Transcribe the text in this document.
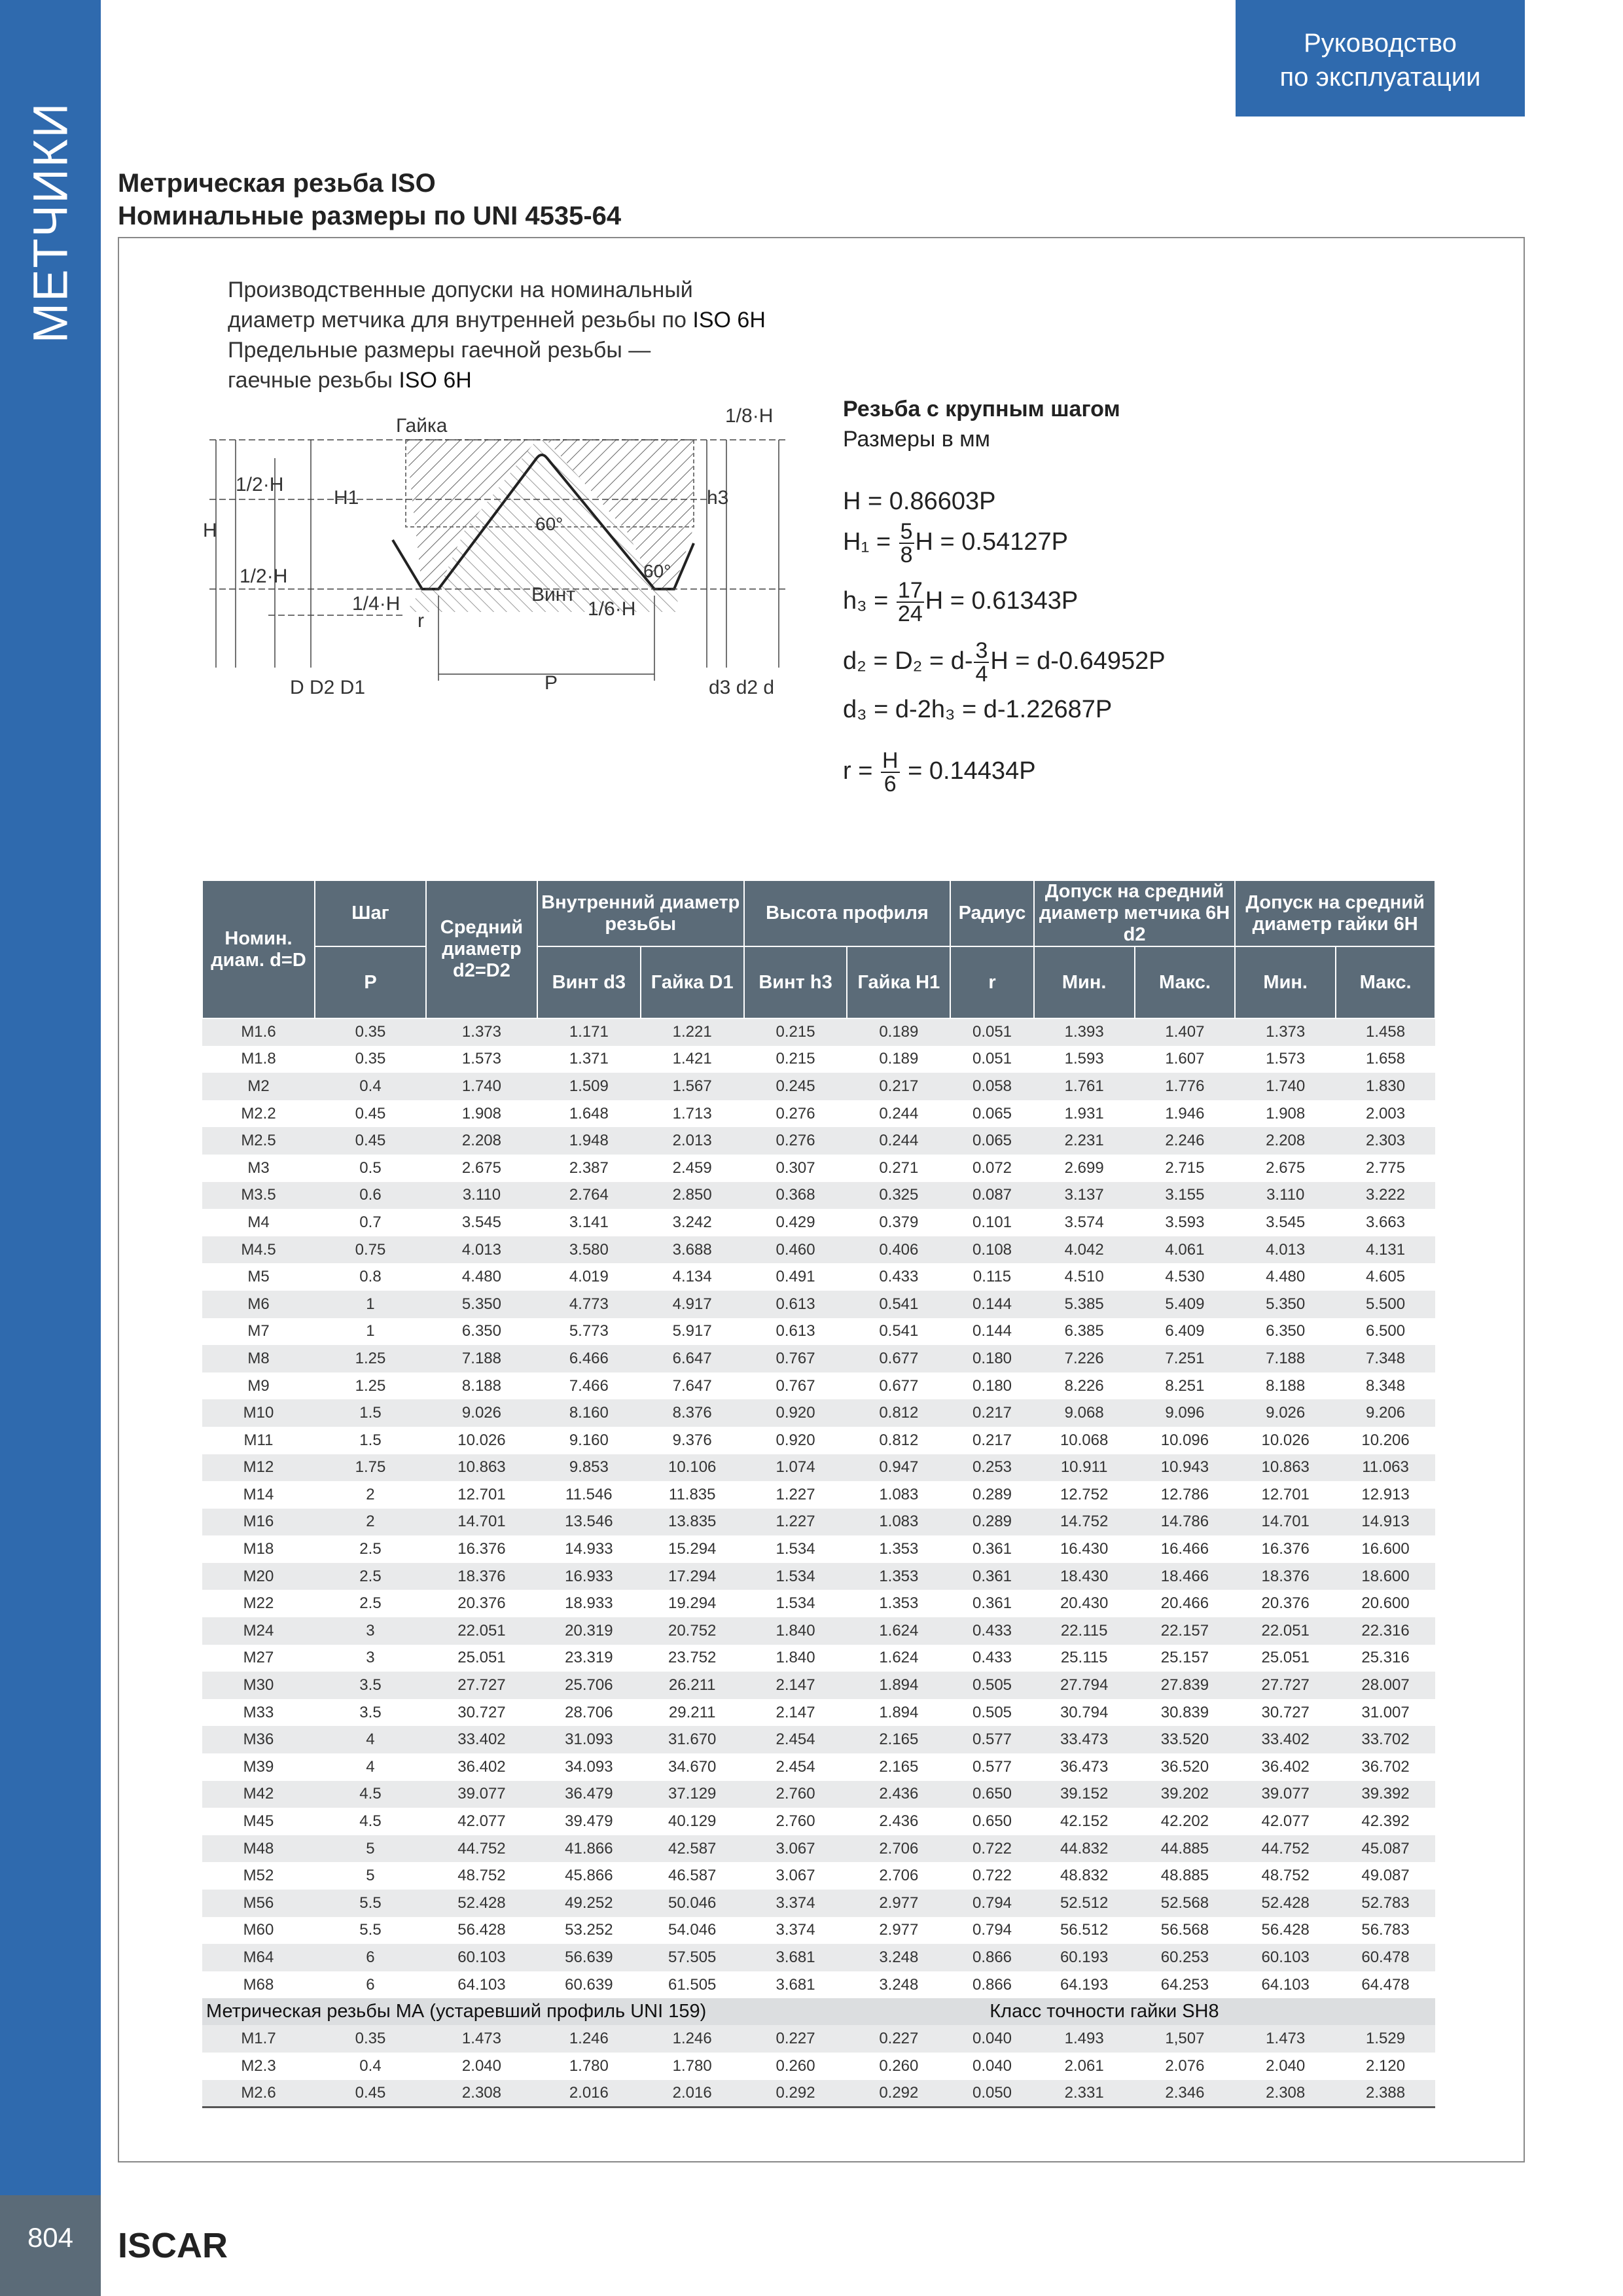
МЕТЧИКИ
804	ISCAR
Руководство
по эксплуатации
Метрическая резьба ISO
Номинальные размеры по UNI 4535-64
Производственные допуски на номинальный
диаметр метчика для внутренней резьбы по ISO 6H
Предельные размеры гаечной резьбы —
гаечные резьбы ISO 6H
Гайка	1/8·H
1/2·H
H
H1	h3
60°
60°
1/2·H
Винт
1/4·H	1/6·H
r
D D2 D1	P	d3 d2 d
Резьба с крупным шагом
Размеры в мм
H = 0.86603P
$H_1 = \frac{5}{8}$ H = 0.54127P
$h_3 = \frac{17}{24}$ H = 0.61343P
$d_2 = D_2 = d- \frac{3}{4}$ H = d-0.64952P
d₃ = d-2h₃ = d-1.22687P
$r = \frac{H}{6} = 0.14434P$
Номин. диам. d=D	Шаг	Средний диаметр d2=D2	Внутренний диаметр резьбы		Высота профиля		Радиус	Допуск на средний диаметр метчика 6H d2		Допуск на средний диаметр гайки 6H	
	P		Винт d3	Гайка D1	Винт h3	Гайка H1	r	Мин.	Макс.	Мин.	Макс.
M1.6	0.35	1.373	1.171	1.221	0.215	0.189	0.051	1.393	1.407	1.373	1.458
M1.8	0.35	1.573	1.371	1.421	0.215	0.189	0.051	1.593	1.607	1.573	1.658
M2	0.4	1.740	1.509	1.567	0.245	0.217	0.058	1.761	1.776	1.740	1.830
M2.2	0.45	1.908	1.648	1.713	0.276	0.244	0.065	1.931	1.946	1.908	2.003
M2.5	0.45	2.208	1.948	2.013	0.276	0.244	0.065	2.231	2.246	2.208	2.303
M3	0.5	2.675	2.387	2.459	0.307	0.271	0.072	2.699	2.715	2.675	2.775
M3.5	0.6	3.110	2.764	2.850	0.368	0.325	0.087	3.137	3.155	3.110	3.222
M4	0.7	3.545	3.141	3.242	0.429	0.379	0.101	3.574	3.593	3.545	3.663
M4.5	0.75	4.013	3.580	3.688	0.460	0.406	0.108	4.042	4.061	4.013	4.131
M5	0.8	4.480	4.019	4.134	0.491	0.433	0.115	4.510	4.530	4.480	4.605
M6	1	5.350	4.773	4.917	0.613	0.541	0.144	5.385	5.409	5.350	5.500
M7	1	6.350	5.773	5.917	0.613	0.541	0.144	6.385	6.409	6.350	6.500
M8	1.25	7.188	6.466	6.647	0.767	0.677	0.180	7.226	7.251	7.188	7.348
M9	1.25	8.188	7.466	7.647	0.767	0.677	0.180	8.226	8.251	8.188	8.348
M10	1.5	9.026	8.160	8.376	0.920	0.812	0.217	9.068	9.096	9.026	9.206
M11	1.5	10.026	9.160	9.376	0.920	0.812	0.217	10.068	10.096	10.026	10.206
M12	1.75	10.863	9.853	10.106	1.074	0.947	0.253	10.911	10.943	10.863	11.063
M14	2	12.701	11.546	11.835	1.227	1.083	0.289	12.752	12.786	12.701	12.913
M16	2	14.701	13.546	13.835	1.227	1.083	0.289	14.752	14.786	14.701	14.913
M18	2.5	16.376	14.933	15.294	1.534	1.353	0.361	16.430	16.466	16.376	16.600
M20	2.5	18.376	16.933	17.294	1.534	1.353	0.361	18.430	18.466	18.376	18.600
M22	2.5	20.376	18.933	19.294	1.534	1.353	0.361	20.430	20.466	20.376	20.600
M24	3	22.051	20.319	20.752	1.840	1.624	0.433	22.115	22.157	22.051	22.316
M27	3	25.051	23.319	23.752	1.840	1.624	0.433	25.115	25.157	25.051	25.316
M30	3.5	27.727	25.706	26.211	2.147	1.894	0.505	27.794	27.839	27.727	28.007
M33	3.5	30.727	28.706	29.211	2.147	1.894	0.505	30.794	30.839	30.727	31.007
M36	4	33.402	31.093	31.670	2.454	2.165	0.577	33.473	33.520	33.402	33.702
M39	4	36.402	34.093	34.670	2.454	2.165	0.577	36.473	36.520	36.402	36.702
M42	4.5	39.077	36.479	37.129	2.760	2.436	0.650	39.152	39.202	39.077	39.392
M45	4.5	42.077	39.479	40.129	2.760	2.436	0.650	42.152	42.202	42.077	42.392
M48	5	44.752	41.866	42.587	3.067	2.706	0.722	44.832	44.885	44.752	45.087
M52	5	48.752	45.866	46.587	3.067	2.706	0.722	48.832	48.885	48.752	49.087
M56	5.5	52.428	49.252	50.046	3.374	2.977	0.794	52.512	52.568	52.428	52.783
M60	5.5	56.428	53.252	54.046	3.374	2.977	0.794	56.512	56.568	56.428	56.783
M64	6	60.103	56.639	57.505	3.681	3.248	0.866	60.193	60.253	60.103	60.478
M68	6	64.103	60.639	61.505	3.681	3.248	0.866	64.193	64.253	64.103	64.478
Метрическая резьбы МА (устаревший профиль UNI 159)							Класс точности гайки SH8				
M1.7	0.35	1.473	1.246	1.246	0.227	0.227	0.040	1.493	1,507	1.473	1.529
M2.3	0.4	2.040	1.780	1.780	0.260	0.260	0.040	2.061	2.076	2.040	2.120
M2.6	0.45	2.308	2.016	2.016	0.292	0.292	0.050	2.331	2.346	2.308	2.388
